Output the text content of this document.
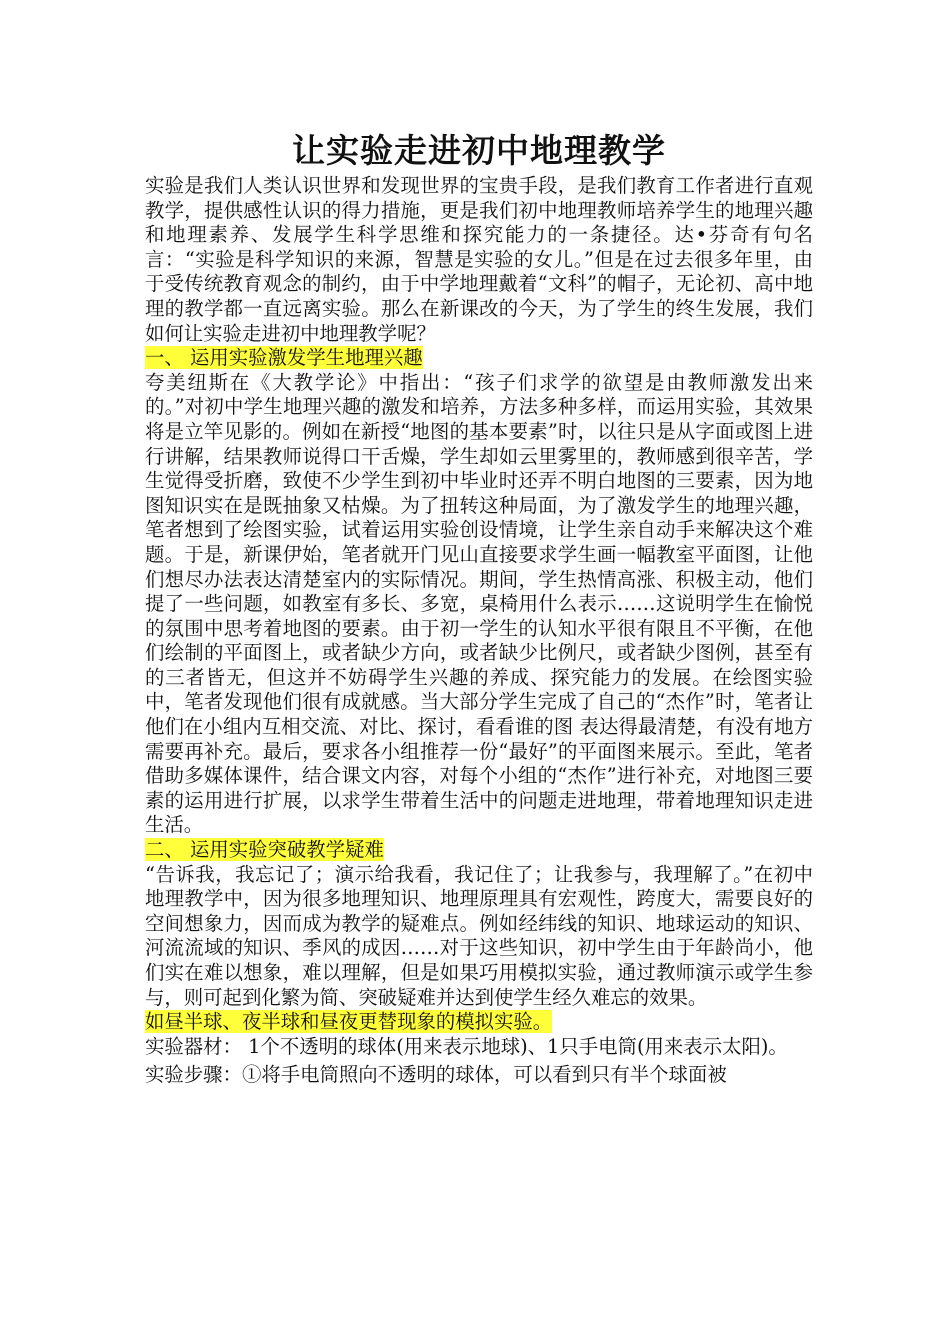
让实验走进初中地理教学

实验是我们人类认识世界和发现世界的宝贵手段，是我们教育工作者进行直观教学，提供感性认识的得力措施，更是我们初中地理教师培养学生的地理兴趣和地理素养、发展学生科学思维和探究能力的一条捷径。达•芬奇有句名言：“实验是科学知识的来源，智慧是实验的女儿。”但是在过去很多年里，由于受传统教育观念的制约，由于中学地理戴着“文科”的帽子，无论初、高中地理的教学都一直远离实验。那么在新课改的今天，为了学生的终生发展，我们如何让实验走进初中地理教学呢？

一、 运用实验激发学生地理兴趣

夸美纽斯在《大教学论》中指出：“孩子们求学的欲望是由教师激发出来的。”对初中学生地理兴趣的激发和培养，方法多种多样，而运用实验，其效果将是立竿见影的。例如在新授“地图的基本要素”时，以往只是从字面或图上进行讲解，结果教师说得口干舌燥，学生却如云里雾里的，教师感到很辛苦，学生觉得受折磨，致使不少学生到初中毕业时还弄不明白地图的三要素，因为地图知识实在是既抽象又枯燥。为了扭转这种局面，为了激发学生的地理兴趣，笔者想到了绘图实验，试着运用实验创设情境，让学生亲自动手来解决这个难题。于是，新课伊始，笔者就开门见山直接要求学生画一幅教室平面图，让他们想尽办法表达清楚室内的实际情况。期间，学生热情高涨、积极主动，他们提了一些问题，如教室有多长、多宽，桌椅用什么表示……这说明学生在愉悦的氛围中思考着地图的要素。由于初一学生的认知水平很有限且不平衡，在他们绘制的平面图上，或者缺少方向，或者缺少比例尺，或者缺少图例，甚至有的三者皆无，但这并不妨碍学生兴趣的养成、探究能力的发展。在绘图实验中，笔者发现他们很有成就感。当大部分学生完成了自己的“杰作”时，笔者让他们在小组内互相交流、对比、探讨，看看谁的图 表达得最清楚，有没有地方需要再补充。最后，要求各小组推荐一份“最好”的平面图来展示。至此，笔者借助多媒体课件，结合课文内容，对每个小组的“杰作”进行补充，对地图三要素的运用进行扩展，以求学生带着生活中的问题走进地理，带着地理知识走进生活。

二、 运用实验突破教学疑难

“告诉我，我忘记了；演示给我看，我记住了；让我参与，我理解了。”在初中地理教学中，因为很多地理知识、地理原理具有宏观性，跨度大，需要良好的空间想象力，因而成为教学的疑难点。例如经纬线的知识、地球运动的知识、河流流域的知识、季风的成因……对于这些知识，初中学生由于年龄尚小，他们实在难以想象，难以理解，但是如果巧用模拟实验，通过教师演示或学生参与，则可起到化繁为简、突破疑难并达到使学生经久难忘的效果。

如昼半球、夜半球和昼夜更替现象的模拟实验。

实验器材： 1个不透明的球体(用来表示地球)、1只手电筒(用来表示太阳)。

实验步骤：①将手电筒照向不透明的球体，可以看到只有半个球面被
